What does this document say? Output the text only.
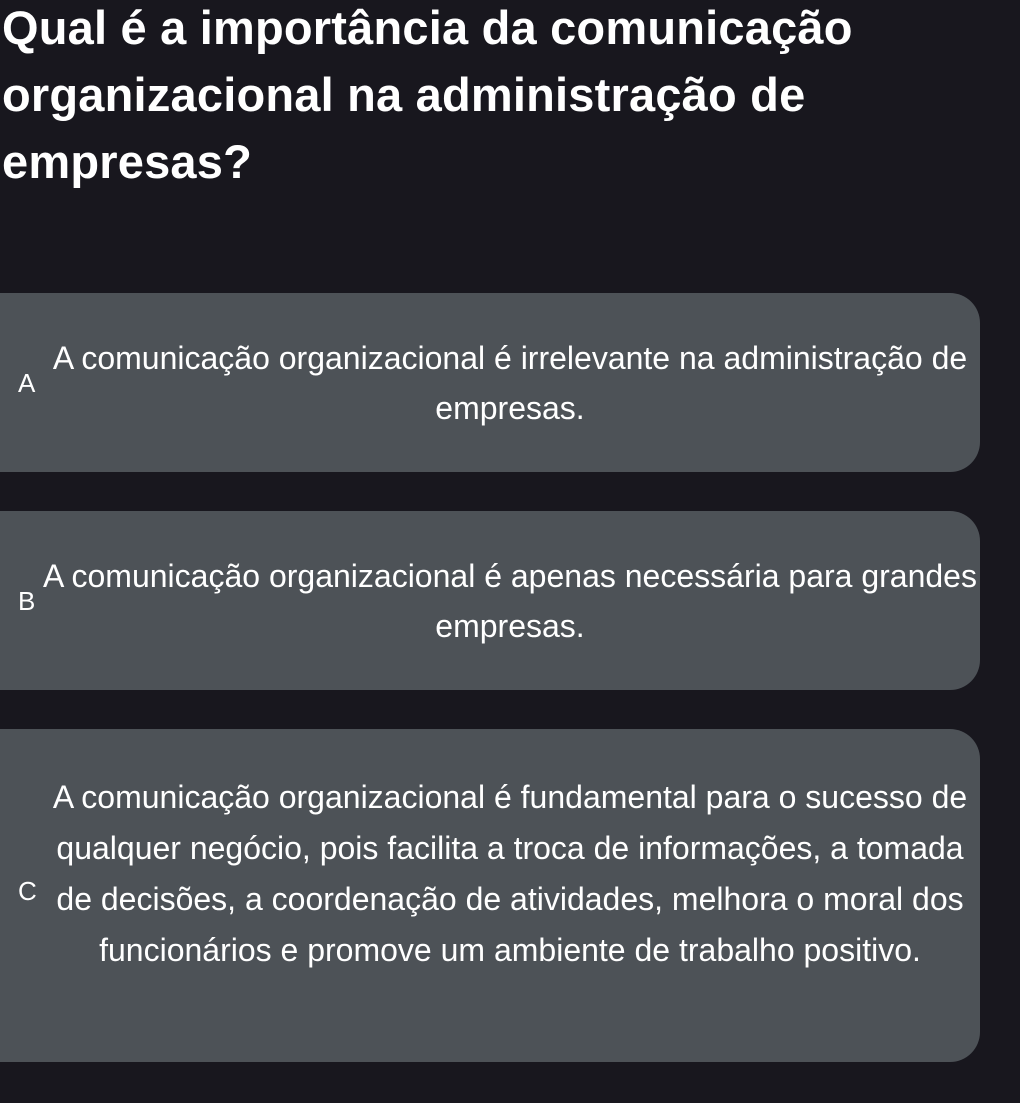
Qual é a importância da comunicação organizacional na administração de empresas?
A
A comunicação organizacional é irrelevante na administração de empresas.
B
A comunicação organizacional é apenas necessária para grandes empresas.
C
A comunicação organizacional é fundamental para o sucesso de qualquer negócio, pois facilita a troca de informações, a tomada de decisões, a coordenação de atividades, melhora o moral dos funcionários e promove um ambiente de trabalho positivo.
